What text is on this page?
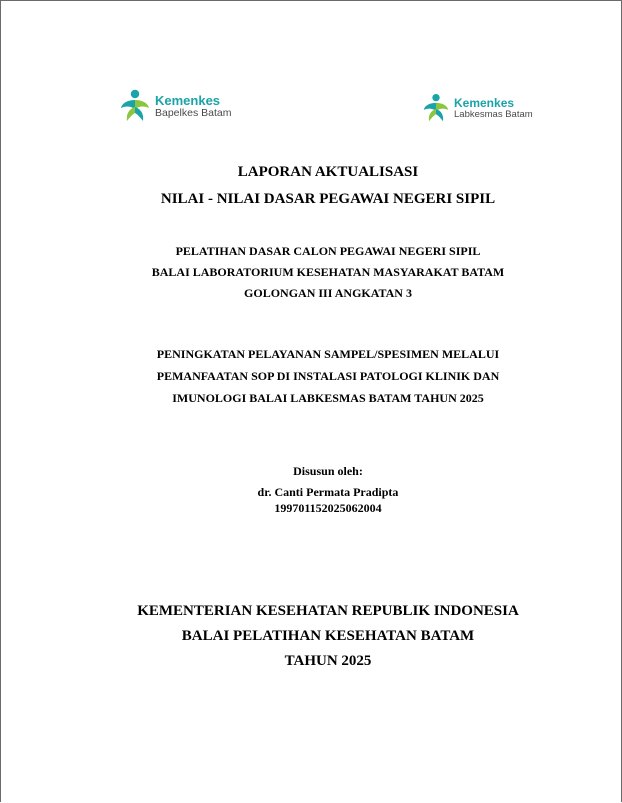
Kemenkes
Bapelkes Batam
Kemenkes
Labkesmas Batam
LAPORAN AKTUALISASI
NILAI - NILAI DASAR PEGAWAI NEGERI SIPIL
PELATIHAN DASAR CALON PEGAWAI NEGERI SIPIL
BALAI LABORATORIUM KESEHATAN MASYARAKAT BATAM
GOLONGAN III ANGKATAN 3
PENINGKATAN PELAYANAN SAMPEL/SPESIMEN MELALUI
PEMANFAATAN SOP DI INSTALASI PATOLOGI KLINIK DAN
IMUNOLOGI BALAI LABKESMAS BATAM TAHUN 2025
Disusun oleh:
dr. Canti Permata Pradipta
199701152025062004
KEMENTERIAN KESEHATAN REPUBLIK INDONESIA
BALAI PELATIHAN KESEHATAN BATAM
TAHUN 2025
